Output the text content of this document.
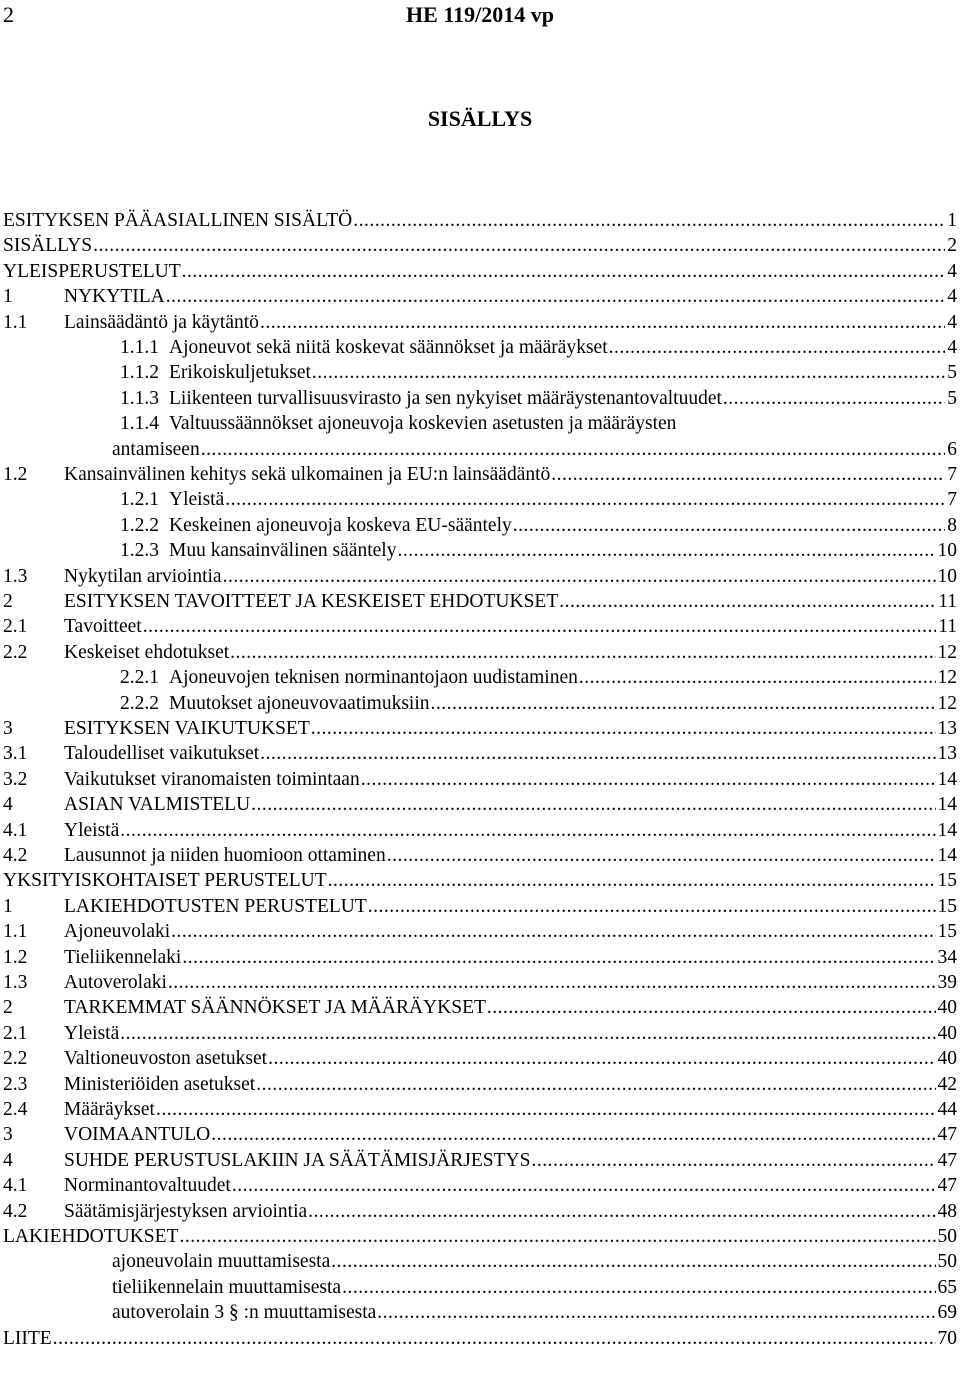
2	HE 119/2014 vp
SISÄLLYS
ESITYKSEN PÄÄASIALLINEN SISÄLTÖ .....	1
SISÄLLYS .....	2
YLEISPERUSTELUT .....	4
1	NYKYTILA .....	4
1.1 Lainsäädäntö ja käytäntö .....	4
1.1.1 Ajoneuvot sekä niitä koskevat säännökset ja määräykset .....	4
1.1.2 Erikoiskuljetukset .....	5
1.1.3 Liikenteen turvallisuusvirasto ja sen nykyiset määräystenantovaltuudet .....	5
1.1.4 Valtuussäännökset ajoneuvoja koskevien asetusten ja määräysten
antamiseen .....	6
1.2 Kansainvälinen kehitys sekä ulkomainen ja EU:n lainsäädäntö .....	7
1.2.1 Yleistä .....	7
1.2.2 Keskeinen ajoneuvoja koskeva EU-sääntely .....	8
1.2.3 Muu kansainvälinen sääntely .....	10
1.3 Nykytilan arviointia .....	10
2	ESITYKSEN TAVOITTEET JA KESKEISET EHDOTUKSET .....	11
2.1 Tavoitteet .....	11
2.2 Keskeiset ehdotukset .....	12
2.2.1 Ajoneuvojen teknisen norminantojaon uudistaminen .....	12
2.2.2 Muutokset ajoneuvovaatimuksiin .....	12
3	ESITYKSEN VAIKUTUKSET .....	13
3.1 Taloudelliset vaikutukset .....	13
3.2 Vaikutukset viranomaisten toimintaan .....	14
4	ASIAN VALMISTELU .....	14
4.1 Yleistä .....	14
4.2 Lausunnot ja niiden huomioon ottaminen .....	14
YKSITYISKOHTAISET PERUSTELUT .....	15
1	LAKIEHDOTUSTEN PERUSTELUT .....	15
1.1 Ajoneuvolaki .....	15
1.2 Tieliikennelaki .....	34
1.3 Autoverolaki .....	39
2	TARKEMMAT SÄÄNNÖKSET JA MÄÄRÄYKSET .....	40
2.1 Yleistä .....	40
2.2 Valtioneuvoston asetukset .....	40
2.3 Ministeriöiden asetukset .....	42
2.4 Määräykset .....	44
3	VOIMAANTULO .....	47
4	SUHDE PERUSTUSLAKIIN JA SÄÄTÄMISJÄRJESTYS .....	47
4.1 Norminantovaltuudet .....	47
4.2 Säätämisjärjestyksen arviointia .....	48
LAKIEHDOTUKSET .....	50
ajoneuvolain muuttamisesta .....	50
tieliikennelain muuttamisesta .....	65
autoverolain 3 § :n muuttamisesta .....	69
LIITE .....	70
